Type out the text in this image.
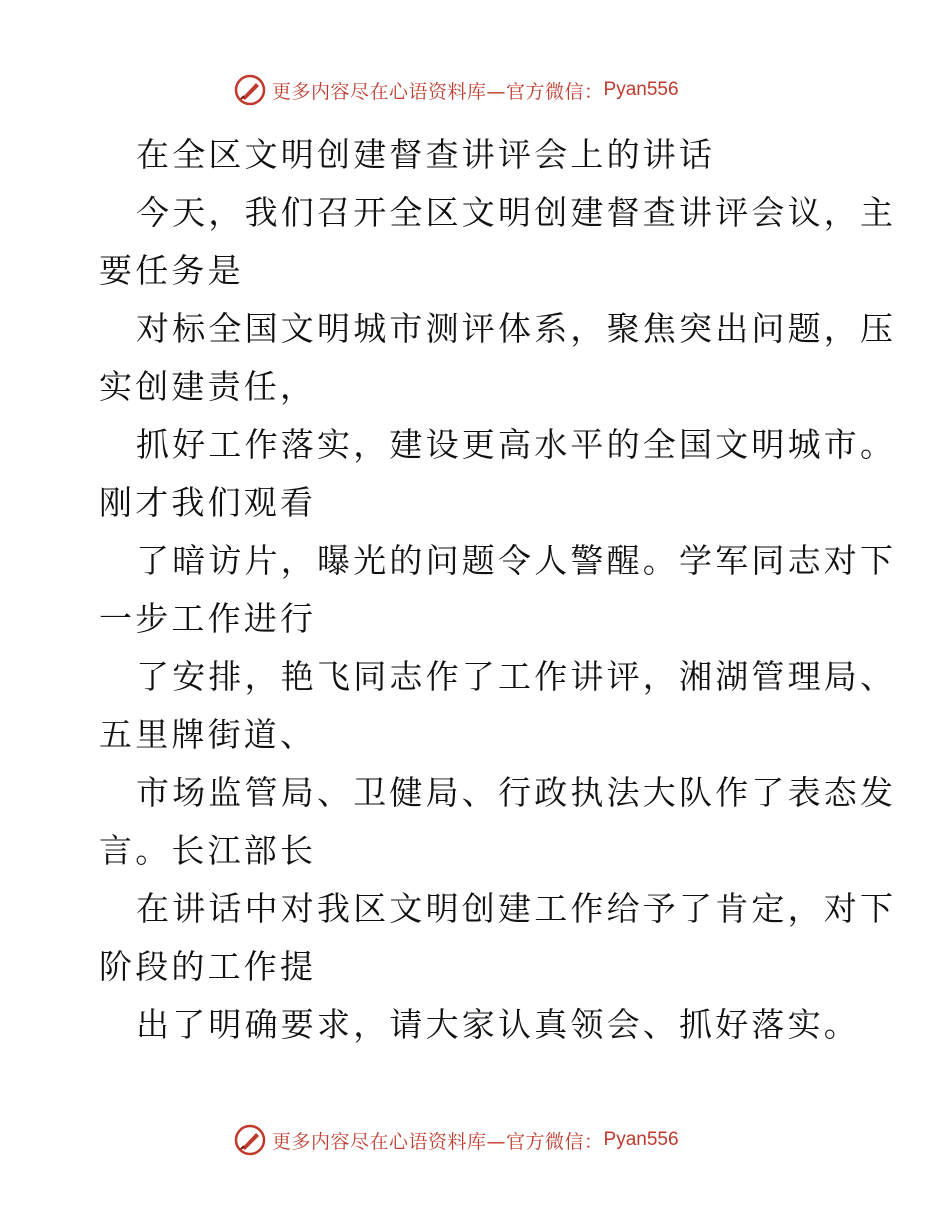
更多内容尽在心语资料库—官方微信： Pyan556
在全区文明创建督查讲评会上的讲话
今天，我们召开全区文明创建督查讲评会议，主
要任务是
对标全国文明城市测评体系，聚焦突出问题，压
实创建责任，
抓好工作落实，建设更高水平的全国文明城市。
刚才我们观看
了暗访片，曝光的问题令人警醒。学军同志对下
一步工作进行
了安排，艳飞同志作了工作讲评，湘湖管理局、
五里牌街道、
市场监管局、卫健局、行政执法大队作了表态发
言。长江部长
在讲话中对我区文明创建工作给予了肯定，对下
阶段的工作提
出了明确要求，请大家认真领会、抓好落实。
更多内容尽在心语资料库—官方微信： Pyan556
